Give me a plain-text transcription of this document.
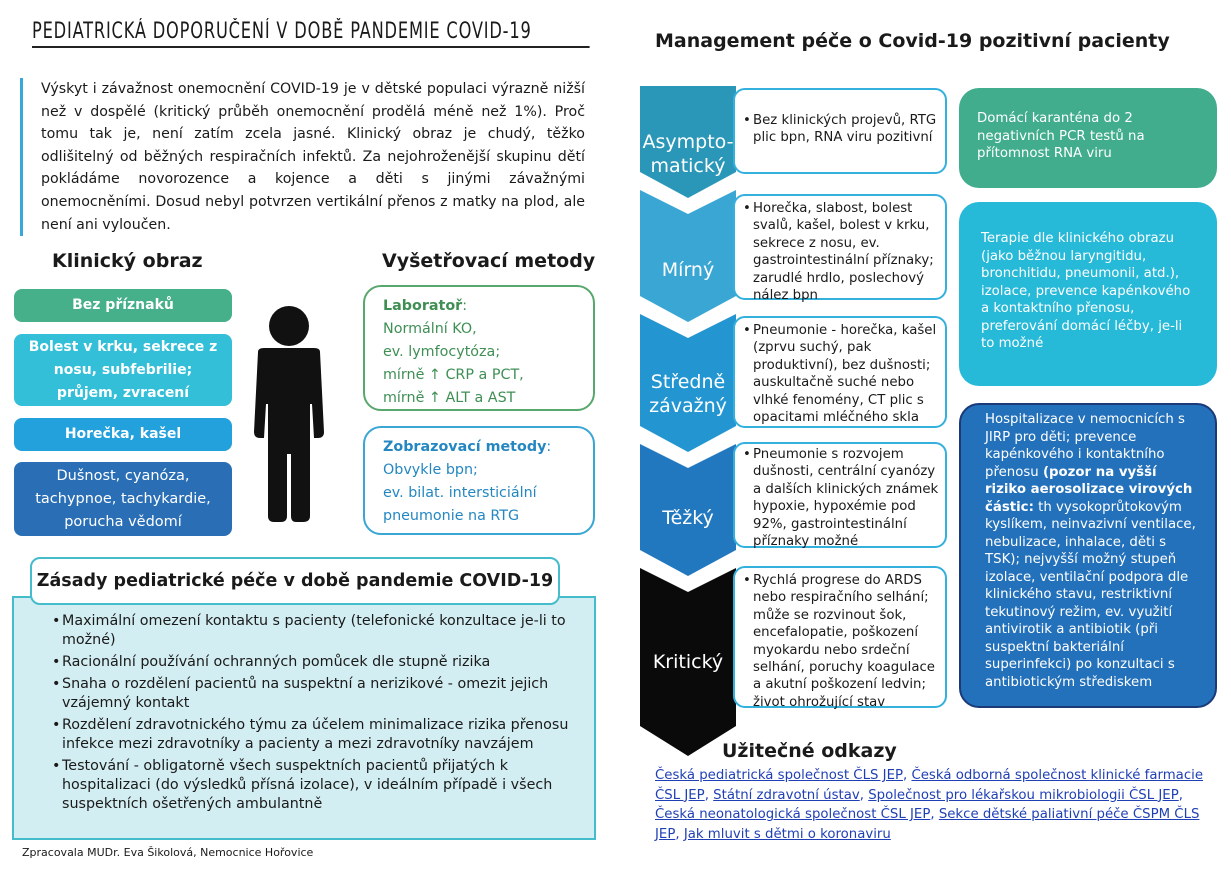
PEDIATRICKÁ DOPORUČENÍ V DOBĚ PANDEMIE COVID-19
Výskyt i závažnost onemocnění COVID-19 je v dětské populaci výrazně nižší než v dospělé (kritický průběh onemocnění prodělá méně než 1%). Proč tomu tak je, není zatím zcela jasné. Klinický obraz je chudý, těžko odlišitelný od běžných respiračních infektů. Za nejohroženější skupinu dětí pokládáme novorozence a kojence a děti s jinými závažnými onemocněními. Dosud nebyl potvrzen vertikální přenos z matky na plod, ale není ani vyloučen.
Klinický obraz	Vyšetřovací metody
Bez příznaků
Bolest v krku, sekrece z nosu, subfebrilie; průjem, zvracení
Horečka, kašel
Dušnost, cyanóza, tachypnoe, tachykardie, porucha vědomí
Laboratoř:
Normální KO,
ev. lymfocytóza;
mírně ↑ CRP a PCT,
mírně ↑ ALT a AST
Zobrazovací metody:
Obvykle bpn;
ev. bilat. intersticiální
pneumonie na RTG
Zásady pediatrické péče v době pandemie COVID-19
• Maximální omezení kontaktu s pacienty (telefonické konzultace je-li to možné)
• Racionální používání ochranných pomůcek dle stupně rizika
• Snaha o rozdělení pacientů na suspektní a nerizikové - omezit jejich vzájemný kontakt
• Rozdělení zdravotnického týmu za účelem minimalizace rizika přenosu infekce mezi zdravotníky a pacienty a mezi zdravotníky navzájem
• Testování - obligatorně všech suspektních pacientů přijatých k hospitalizaci (do výsledků přísná izolace), v ideálním případě i všech suspektních ošetřených ambulantně
Zpracovala MUDr. Eva Šikolová, Nemocnice Hořovice
Management péče o Covid-19 pozitivní pacienty
Asympto-
matický
Mírný
Středně
závažný
Těžký
Kritický

• Bez klinických projevů, RTG plic bpn, RNA viru pozitivní

• Horečka, slabost, bolest svalů, kašel, bolest v krku, sekrece z nosu, ev. gastrointestinální příznaky; zarudlé hrdlo, poslechový nález bpn

• Pneumonie - horečka, kašel (zprvu suchý, pak produktivní), bez dušnosti; auskultačně suché nebo vlhké fenomény, CT plic s opacitami mléčného skla

• Pneumonie s rozvojem dušnosti, centrální cyanózy a dalších klinických známek hypoxie, hypoxémie pod 92%, gastrointestinální příznaky možné

• Rychlá progrese do ARDS nebo respiračního selhání; může se rozvinout šok, encefalopatie, poškození myokardu nebo srdeční selhání, poruchy koagulace a akutní poškození ledvin; život ohrožující stav

Domácí karanténa do 2 negativních PCR testů na přítomnost RNA viru
Terapie dle klinického obrazu (jako běžnou laryngitidu, bronchitidu, pneumonii, atd.), izolace, prevence kapénkového a kontaktního přenosu, preferování domácí léčby, je-li to možné
Hospitalizace v nemocnicích s JIRP pro děti; prevence kapénkového i kontaktního přenosu (pozor na vyšší riziko aerosolizace virových částic: th vysokoprůtokovým kyslíkem, neinvazivní ventilace, nebulizace, inhalace, děti s TSK); nejvyšší možný stupeň izolace, ventilační podpora dle klinického stavu, restriktivní tekutinový režim, ev. využití antivirotik a antibiotik (při suspektní bakteriální superinfekci) po konzultaci s antibiotickým střediskem
Užitečné odkazy
Česká pediatrická společnost ČLS JEP, Česká odborná společnost klinické farmacie ČSL JEP, Státní zdravotní ústav, Společnost pro lékařskou mikrobiologii ČSL JEP, Česká neonatologická společnost ČSL JEP, Sekce dětské paliativní péče ČSPM ČLS JEP, Jak mluvit s dětmi o koronaviru
